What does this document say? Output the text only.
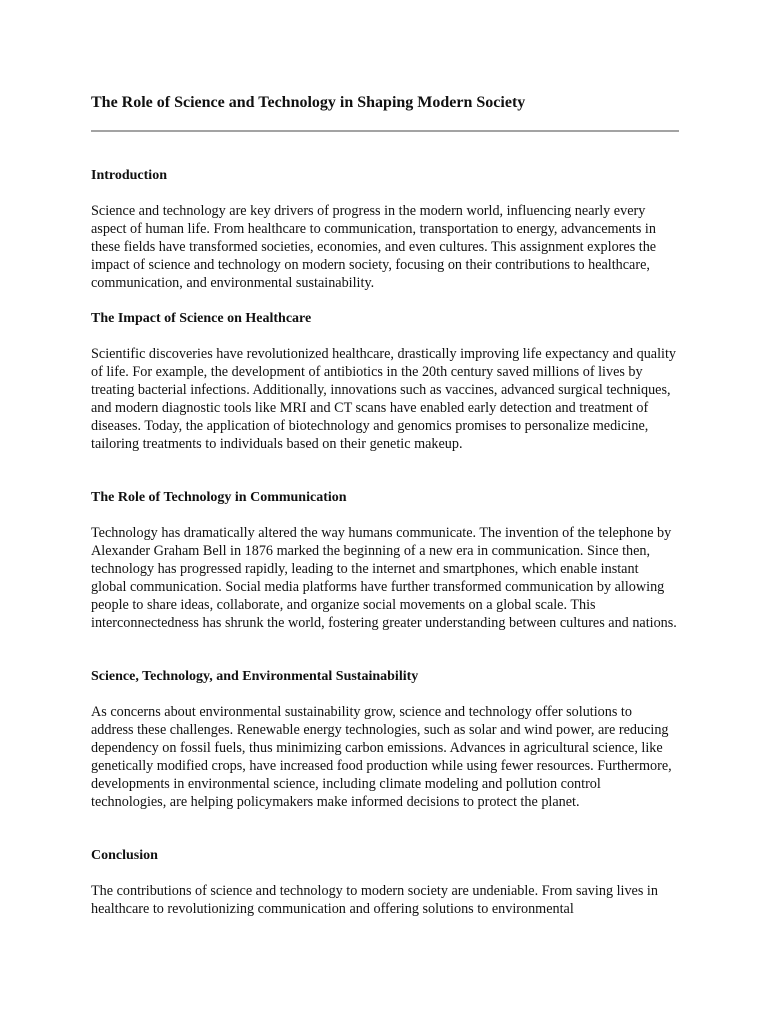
The Role of Science and Technology in Shaping Modern Society
Introduction

Science and technology are key drivers of progress in the modern world, influencing nearly every aspect of human life. From healthcare to communication, transportation to energy, advancements in these fields have transformed societies, economies, and even cultures. This assignment explores the impact of science and technology on modern society, focusing on their contributions to healthcare, communication, and environmental sustainability.

The Impact of Science on Healthcare

Scientific discoveries have revolutionized healthcare, drastically improving life expectancy and quality of life. For example, the development of antibiotics in the 20th century saved millions of lives by treating bacterial infections. Additionally, innovations such as vaccines, advanced surgical techniques, and modern diagnostic tools like MRI and CT scans have enabled early detection and treatment of diseases. Today, the application of biotechnology and genomics promises to personalize medicine, tailoring treatments to individuals based on their genetic makeup.

The Role of Technology in Communication

Technology has dramatically altered the way humans communicate. The invention of the telephone by Alexander Graham Bell in 1876 marked the beginning of a new era in communication. Since then, technology has progressed rapidly, leading to the internet and smartphones, which enable instant global communication. Social media platforms have further transformed communication by allowing people to share ideas, collaborate, and organize social movements on a global scale. This interconnectedness has shrunk the world, fostering greater understanding between cultures and nations.

Science, Technology, and Environmental Sustainability

As concerns about environmental sustainability grow, science and technology offer solutions to address these challenges. Renewable energy technologies, such as solar and wind power, are reducing dependency on fossil fuels, thus minimizing carbon emissions. Advances in agricultural science, like genetically modified crops, have increased food production while using fewer resources. Furthermore, developments in environmental science, including climate modeling and pollution control technologies, are helping policymakers make informed decisions to protect the planet.

Conclusion

The contributions of science and technology to modern society are undeniable. From saving lives in healthcare to revolutionizing communication and offering solutions to environmental
